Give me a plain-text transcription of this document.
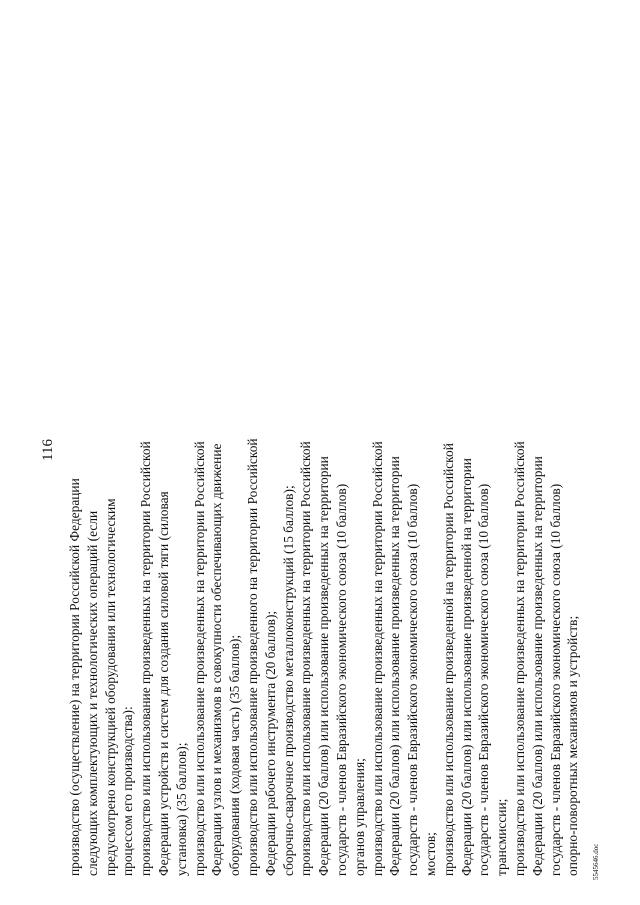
116
производство (осуществление) на территории Российской Федерации следующих комплектующих и технологических операций (если предусмотрено конструкцией оборудования или технологическим процессом его производства): производство или использование произведенных на территории Российской Федерации устройств и систем для создания силовой тяги (силовая установка) (35 баллов); производство или использование произведенных на территории Российской Федерации узлов и механизмов в совокупности обеспечивающих движение оборудования (ходовая часть) (35 баллов); производство или использование произведенного на территории Российской Федерации рабочего инструмента (20 баллов); сборочно-сварочное производство металлоконструкций (15 баллов); производство или использование произведенных на территории Российской Федерации (20 баллов) или использование произведенных на территории государств - членов Евразийского экономического союза (10 баллов) органов управления; производство или использование произведенных на территории Российской Федерации (20 баллов) или использование произведенных на территории государств - членов Евразийского экономического союза (10 баллов) мостов; производство или использование произведенной на территории Российской Федерации (20 баллов) или использование произведенной на территории государств - членов Евразийского экономического союза (10 баллов) трансмиссии; производство или использование произведенных на территории Российской Федерации (20 баллов) или использование произведенных на территории государств - членов Евразийского экономического союза (10 баллов) опорно-поворотных механизмов и устройств; 5545646.doc
